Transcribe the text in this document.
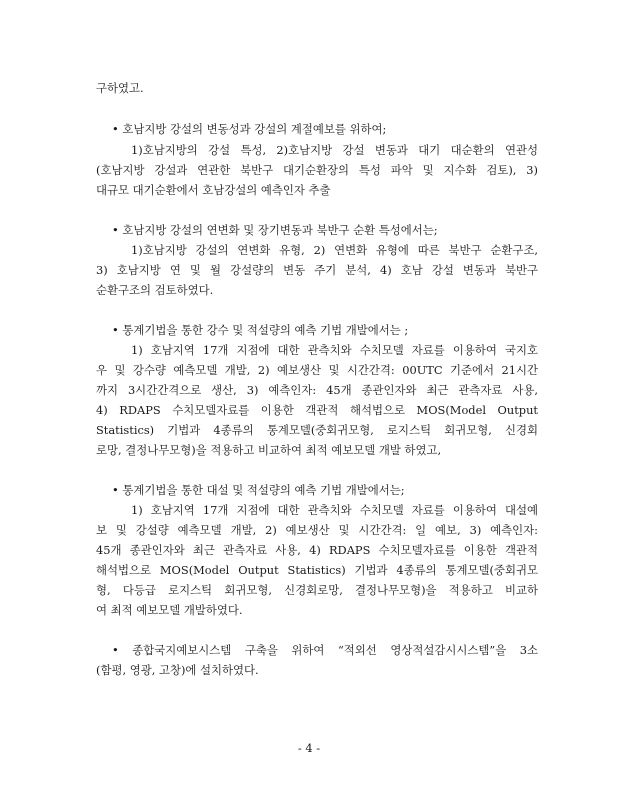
구하였고.
• 호남지방 강설의 변동성과 강설의 계절예보를 위하여;
1)호남지방의 강설 특성, 2)호남지방 강설 변동과 대기 대순환의 연관성
(호남지방 강설과 연관한 북반구 대기순환장의 특성 파악 및 지수화 검토), 3)
대규모 대기순환에서 호남강설의 예측인자 추출
• 호남지방 강설의 연변화 및 장기변동과 북반구 순환 특성에서는;
1)호남지방 강설의 연변화 유형, 2) 연변화 유형에 따른 북반구 순환구조,
3) 호남지방 연 및 월 강설량의 변동 주기 분석, 4) 호남 강설 변동과 북반구
순환구조의 검토하였다.
• 통계기법을 통한 강수 및 적설량의 예측 기법 개발에서는 ;
1) 호남지역 17개 지점에 대한 관측치와 수치모델 자료를 이용하여 국지호
우 및 강수량 예측모델 개발, 2) 예보생산 및 시간간격: 00UTC 기준에서 21시간
까지 3시간간격으로 생산, 3) 예측인자: 45개 종관인자와 최근 관측자료 사용,
4) RDAPS 수치모델자료를 이용한 객관적 해석법으로 MOS(Model Output
Statistics) 기법과 4종류의 통계모델(중회귀모형, 로지스틱 회귀모형, 신경회
로망, 결정나무모형)을 적용하고 비교하여 최적 예보모델 개발 하였고,
• 통계기법을 통한 대설 및 적설량의 예측 기법 개발에서는;
1) 호남지역 17개 지점에 대한 관측치와 수치모델 자료를 이용하여 대설예
보 및 강설량 예측모델 개발, 2) 예보생산 및 시간간격: 일 예보, 3) 예측인자:
45개 종관인자와 최근 관측자료 사용, 4) RDAPS 수치모델자료를 이용한 객관적
해석법으로 MOS(Model Output Statistics) 기법과 4종류의 통계모델(중회귀모
형, 다등급 로지스틱 회귀모형, 신경회로망, 결정나무모형)을 적용하고 비교하
여 최적 예보모델 개발하였다.
• 종합국지예보시스템 구축을 위하여 “적외선 영상적설감시시스템”을 3소
(함평, 영광, 고창)에 설치하였다.
- 4 -
